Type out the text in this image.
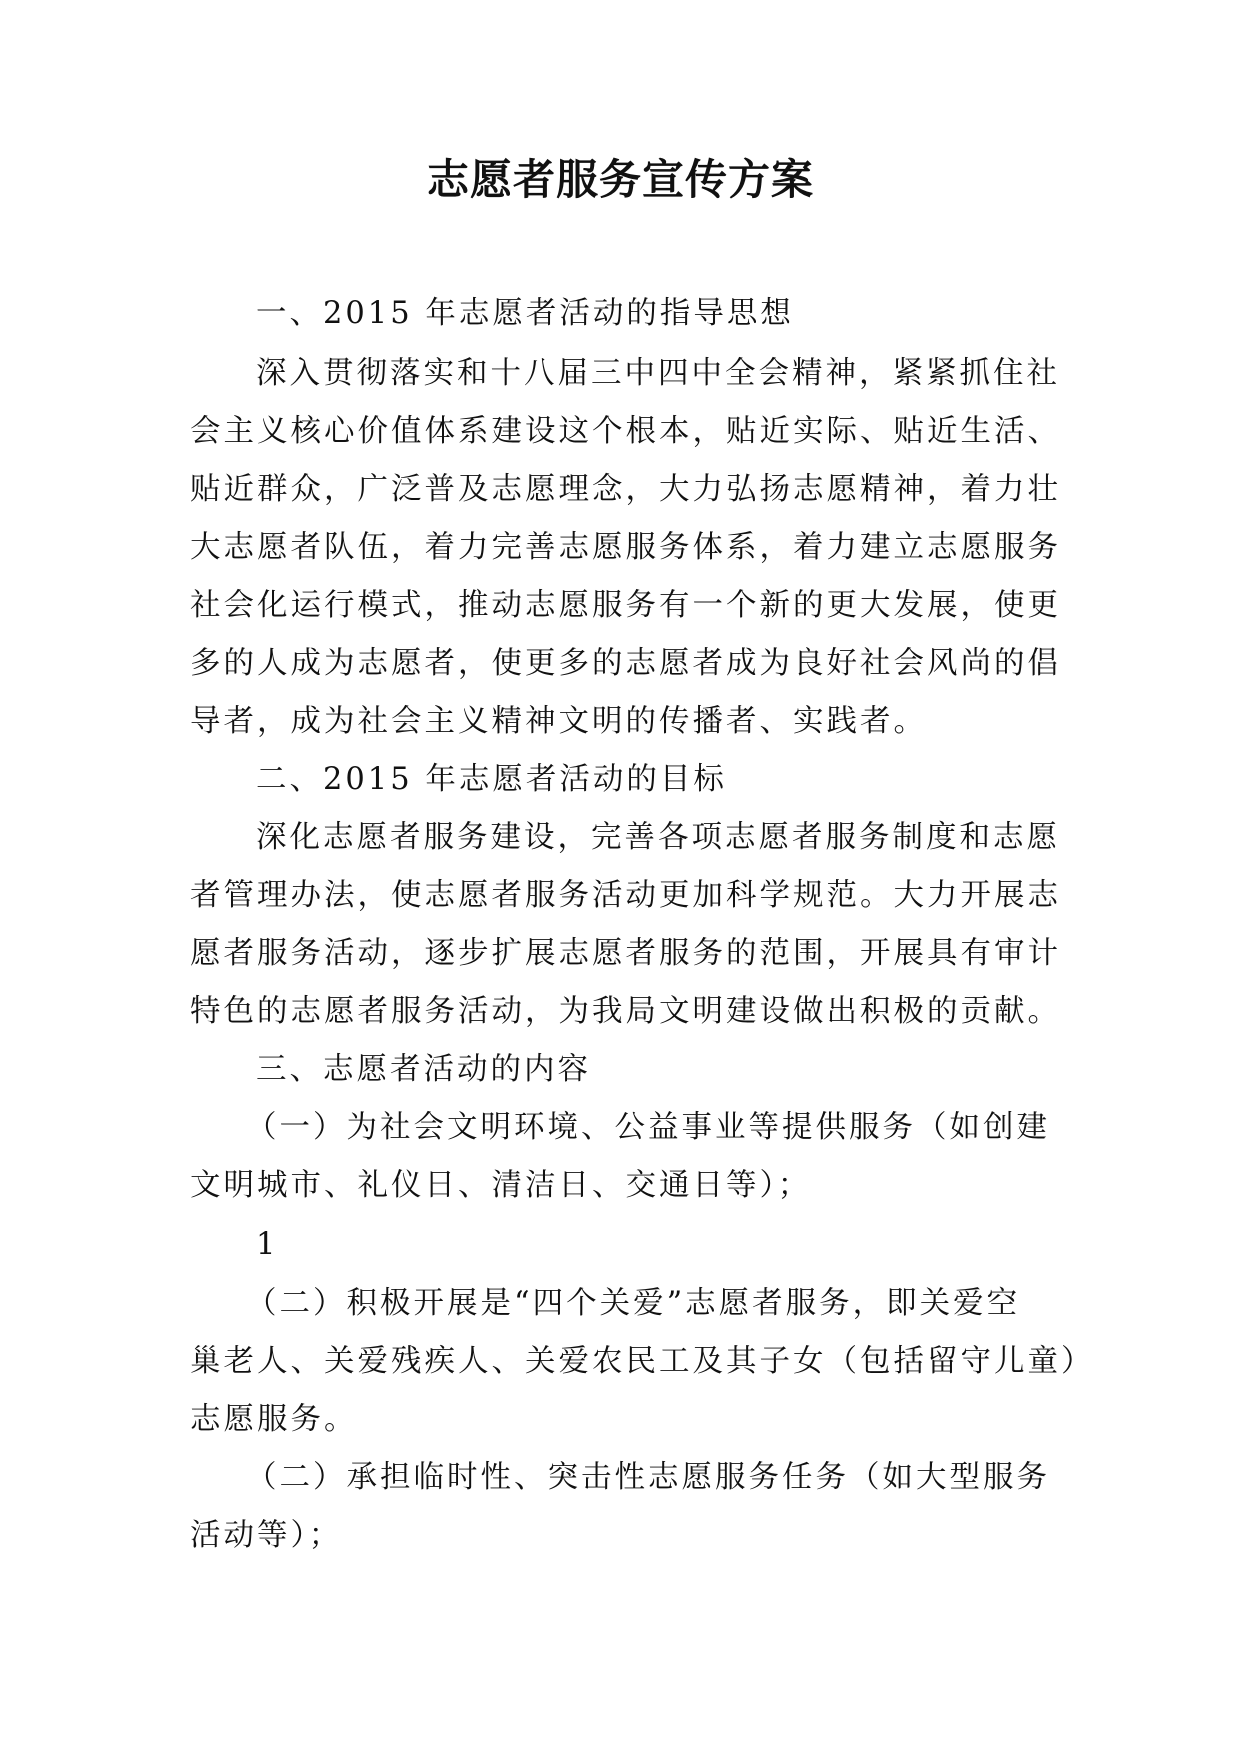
志愿者服务宣传方案
一、2015 年志愿者活动的指导思想
深入贯彻落实和十八届三中四中全会精神，紧紧抓住社
会主义核心价值体系建设这个根本，贴近实际、贴近生活、
贴近群众，广泛普及志愿理念，大力弘扬志愿精神，着力壮
大志愿者队伍，着力完善志愿服务体系，着力建立志愿服务
社会化运行模式，推动志愿服务有一个新的更大发展，使更
多的人成为志愿者，使更多的志愿者成为良好社会风尚的倡
导者，成为社会主义精神文明的传播者、实践者。
二、2015 年志愿者活动的目标
深化志愿者服务建设，完善各项志愿者服务制度和志愿
者管理办法，使志愿者服务活动更加科学规范。大力开展志
愿者服务活动，逐步扩展志愿者服务的范围，开展具有审计
特色的志愿者服务活动，为我局文明建设做出积极的贡献。
三、志愿者活动的内容
（一）为社会文明环境、公益事业等提供服务（如创建
文明城市、礼仪日、清洁日、交通日等）；
1
（二）积极开展是“四个关爱”志愿者服务，即关爱空
巢老人、关爱残疾人、关爱农民工及其子女（包括留守儿童）
志愿服务。
（二）承担临时性、突击性志愿服务任务（如大型服务
活动等）；
